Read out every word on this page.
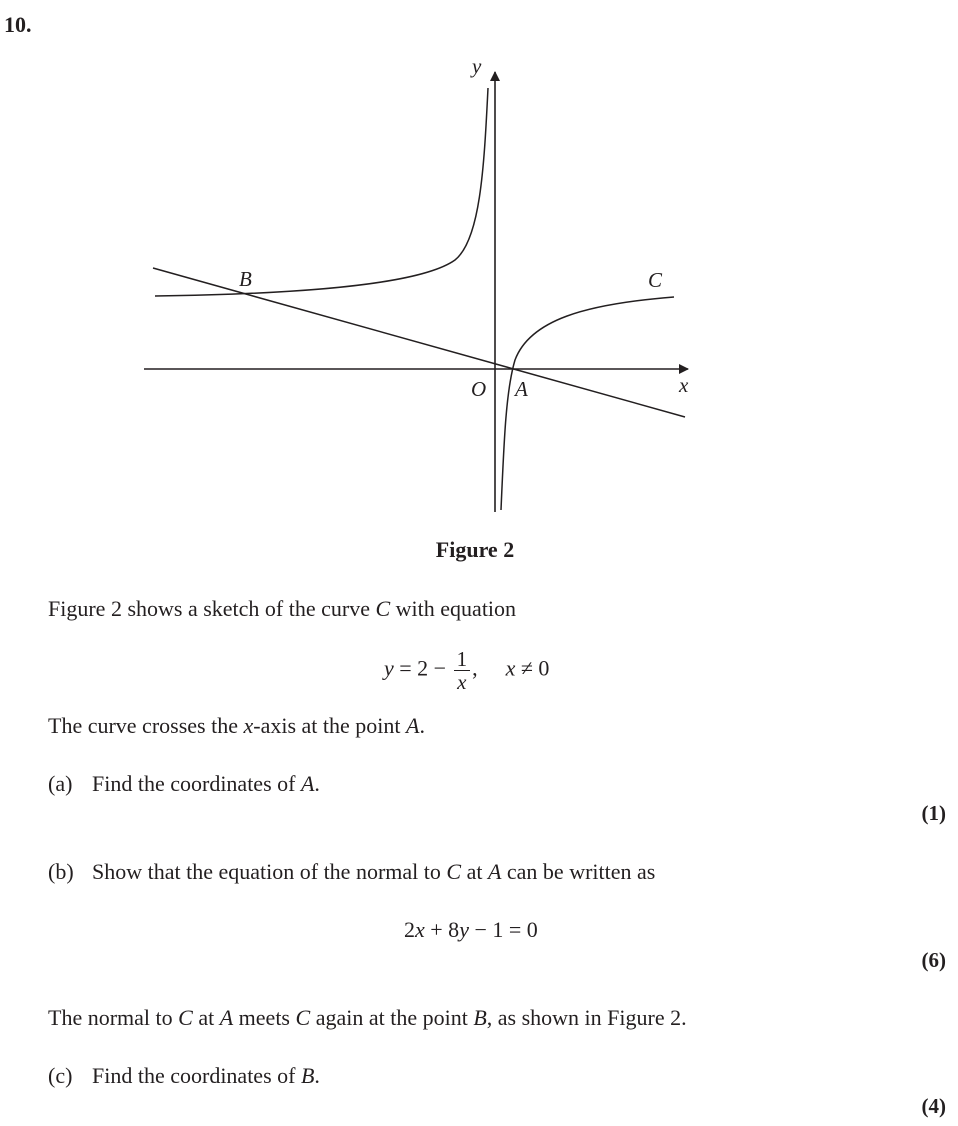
10.
y
x
O A
B	C
Figure 2
Figure 2 shows a sketch of the curve C with equation
$y = 2 - \frac{1}{x}$ , x ≠ 0
The curve crosses the x-axis at the point A.
(a) Find the coordinates of A.
(1)
(b) Show that the equation of the normal to C at A can be written as
2x + 8y − 1 = 0
(6)
The normal to C at A meets C again at the point B, as shown in Figure 2.
(c) Find the coordinates of B.
(4)
